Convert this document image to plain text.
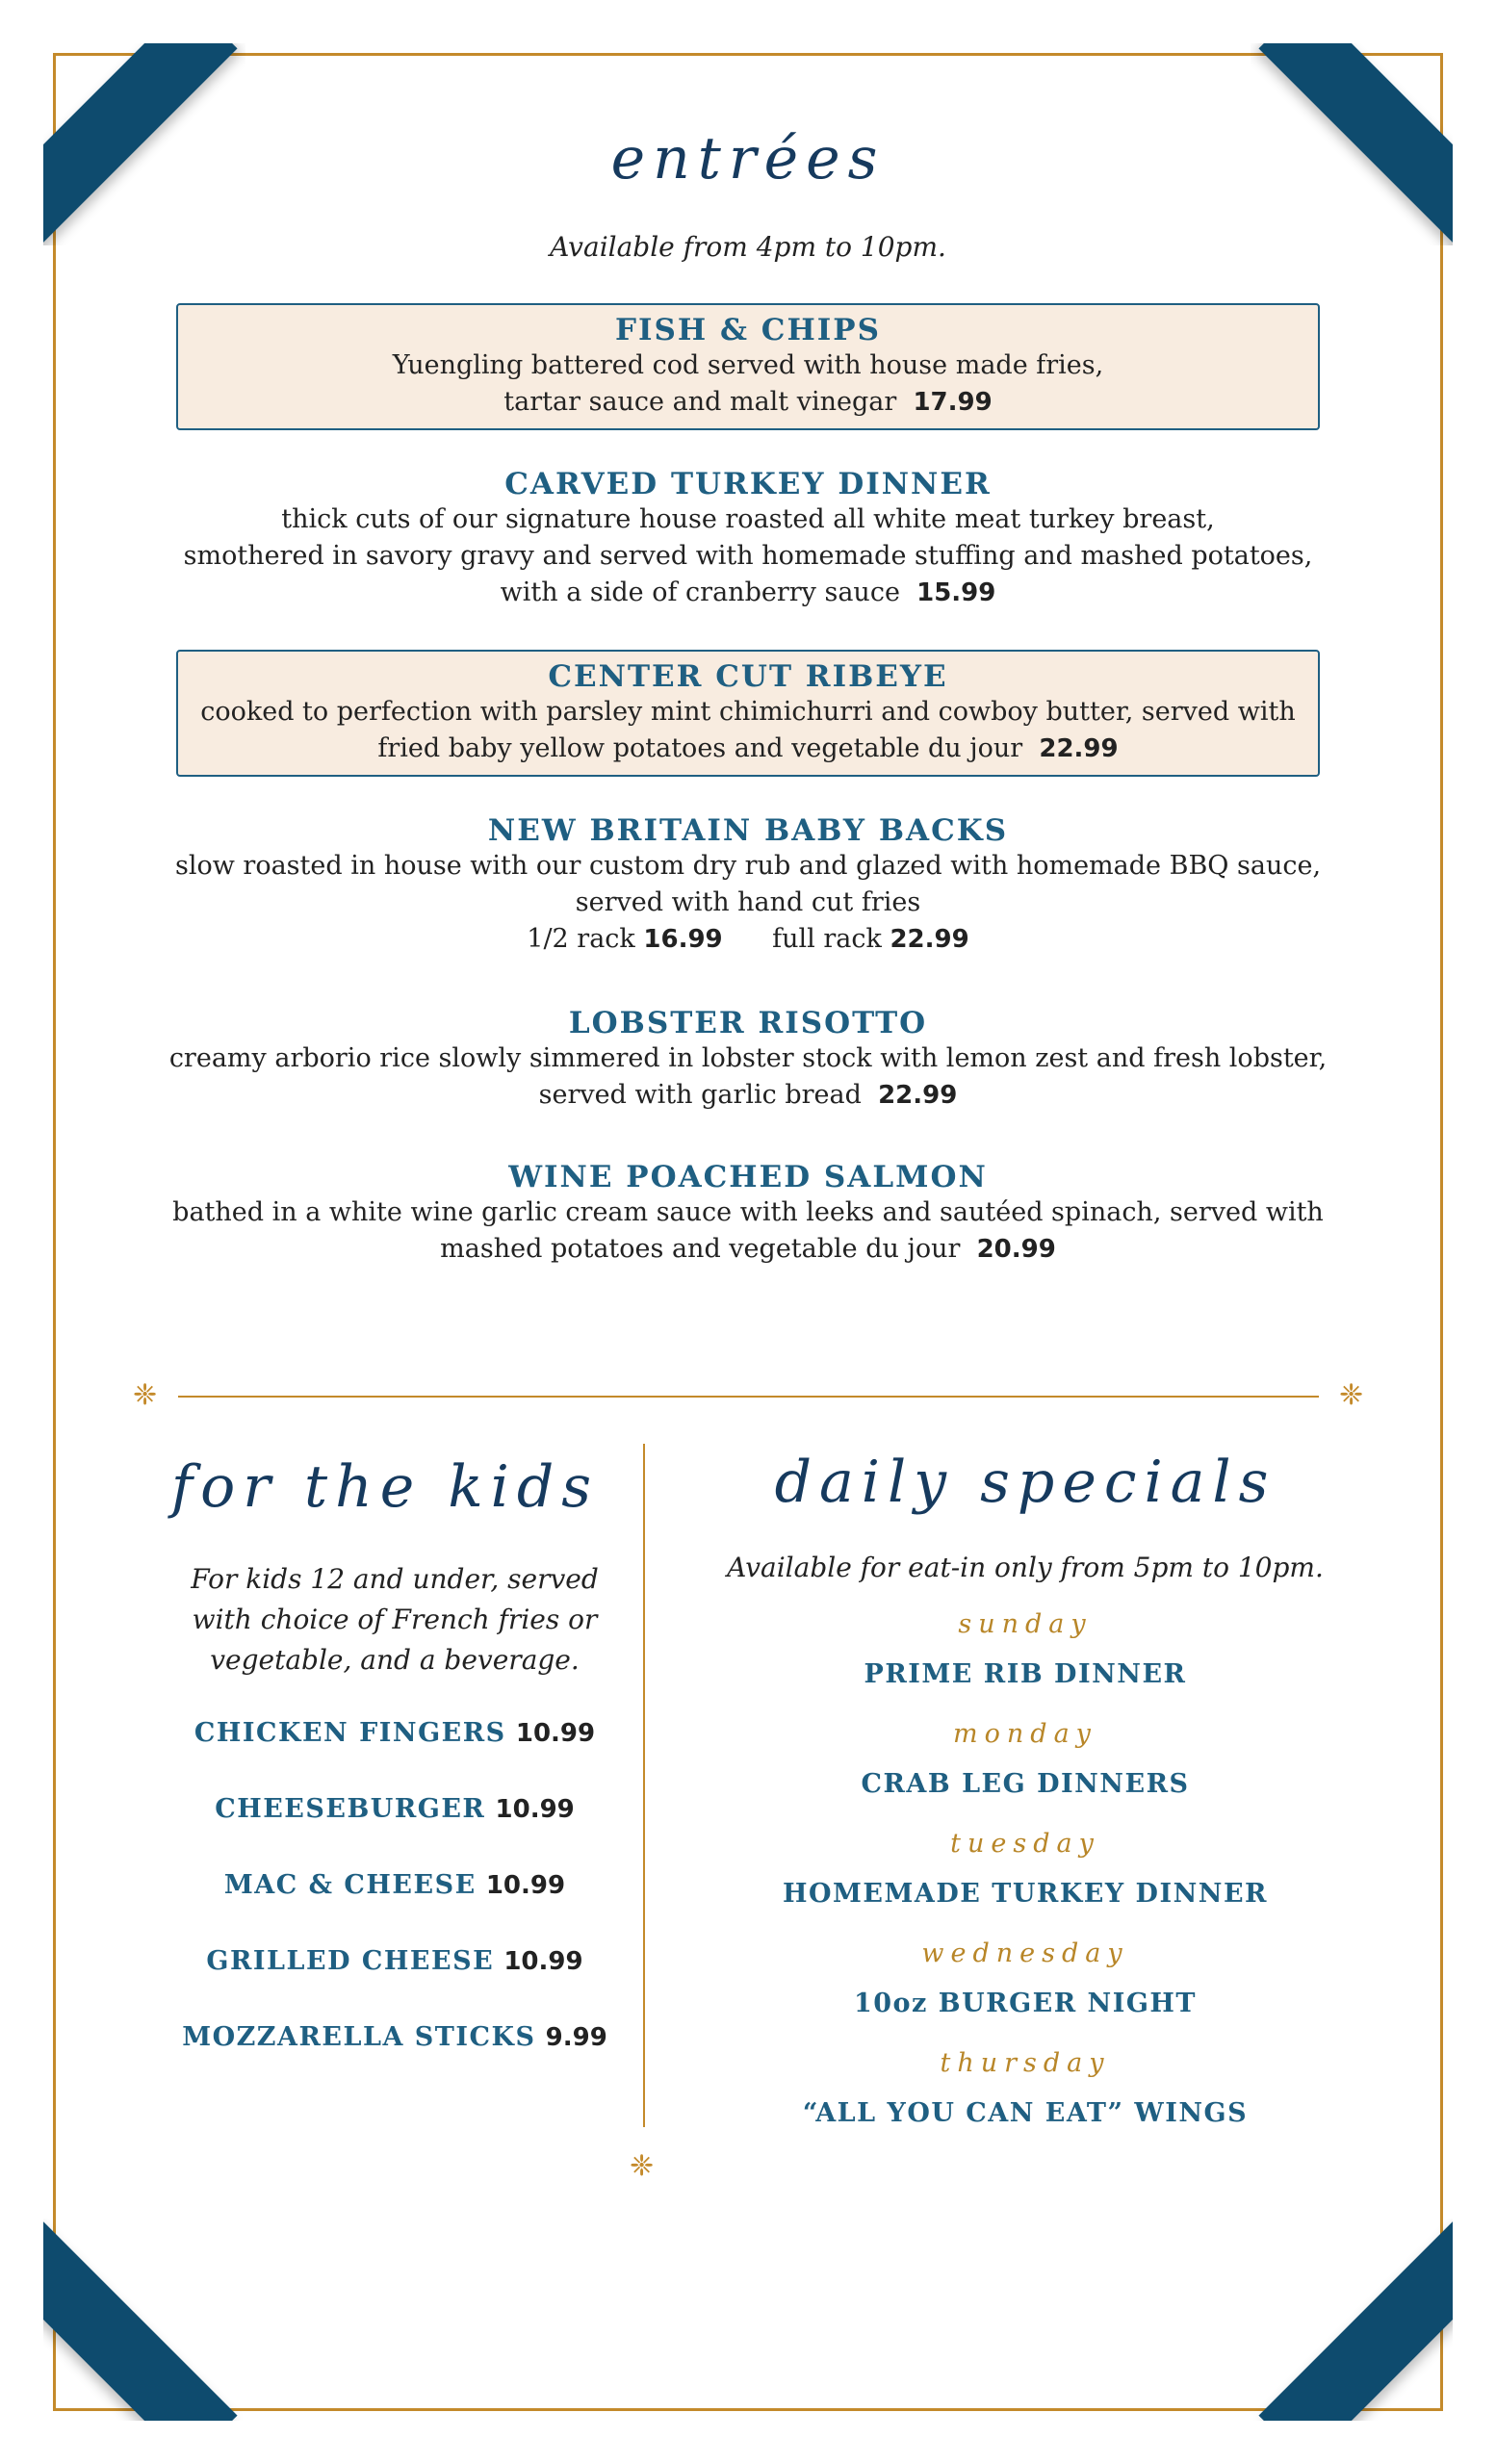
entrées
Available from 4pm to 10pm.
FISH & CHIPS
Yuengling battered cod served with house made fries,
tartar sauce and malt vinegar 17.99
CARVED TURKEY DINNER
thick cuts of our signature house roasted all white meat turkey breast,
smothered in savory gravy and served with homemade stuffing and mashed potatoes,
with a side of cranberry sauce 15.99
CENTER CUT RIBEYE
cooked to perfection with parsley mint chimichurri and cowboy butter, served with
fried baby yellow potatoes and vegetable du jour 22.99
NEW BRITAIN BABY BACKS
slow roasted in house with our custom dry rub and glazed with homemade BBQ sauce,
served with hand cut fries
1/2 rack 16.99 full rack 22.99
LOBSTER RISOTTO
creamy arborio rice slowly simmered in lobster stock with lemon zest and fresh lobster,
served with garlic bread 22.99
WINE POACHED SALMON
bathed in a white wine garlic cream sauce with leeks and sautéed spinach, served with
mashed potatoes and vegetable du jour 20.99
❈	❈
❈
for the kids
For kids 12 and under, served
with choice of French fries or
vegetable, and a beverage.
CHICKEN FINGERS 10.99
CHEESEBURGER 10.99
MAC & CHEESE 10.99
GRILLED CHEESE 10.99
MOZZARELLA STICKS 9.99
daily specials
Available for eat-in only from 5pm to 10pm.
sunday
PRIME RIB DINNER
monday
CRAB LEG DINNERS
tuesday
HOMEMADE TURKEY DINNER
wednesday
10oz BURGER NIGHT
thursday
“ALL YOU CAN EAT” WINGS
